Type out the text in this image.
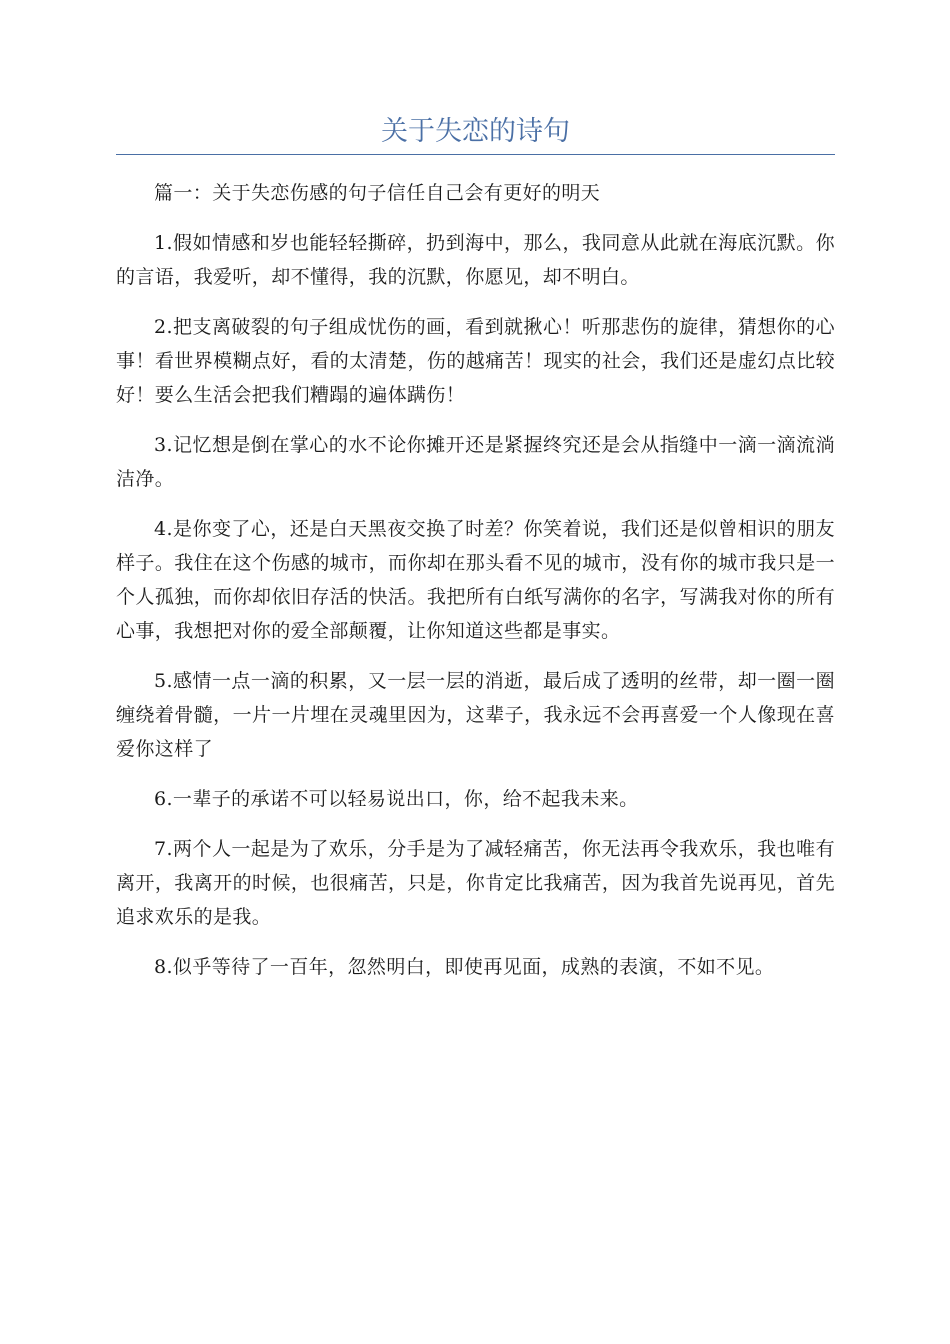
关于失恋的诗句

篇一：关于失恋伤感的句子信任自己会有更好的明天

1.假如情感和岁也能轻轻撕碎，扔到海中，那么，我同意从此就在海底沉默。你的言语，我爱听，却不懂得，我的沉默，你愿见，却不明白。

2.把支离破裂的句子组成忧伤的画，看到就揪心！听那悲伤的旋律，猜想你的心事！看世界模糊点好，看的太清楚，伤的越痛苦！现实的社会，我们还是虚幻点比较好！要么生活会把我们糟蹋的遍体蹒伤！

3.记忆想是倒在掌心的水不论你摊开还是紧握终究还是会从指缝中一滴一滴流淌洁净。

4.是你变了心，还是白天黑夜交换了时差？你笑着说，我们还是似曾相识的朋友样子。我住在这个伤感的城市，而你却在那头看不见的城市，没有你的城市我只是一个人孤独，而你却依旧存活的快活。我把所有白纸写满你的名字，写满我对你的所有心事，我想把对你的爱全部颠覆，让你知道这些都是事实。

5.感情一点一滴的积累，又一层一层的消逝，最后成了透明的丝带，却一圈一圈缠绕着骨髓，一片一片埋在灵魂里因为，这辈子，我永远不会再喜爱一个人像现在喜爱你这样了

6.一辈子的承诺不可以轻易说出口，你，给不起我未来。

7.两个人一起是为了欢乐，分手是为了减轻痛苦，你无法再令我欢乐，我也唯有离开，我离开的时候，也很痛苦，只是，你肯定比我痛苦，因为我首先说再见，首先追求欢乐的是我。

8.似乎等待了一百年，忽然明白，即使再见面，成熟的表演，不如不见。
